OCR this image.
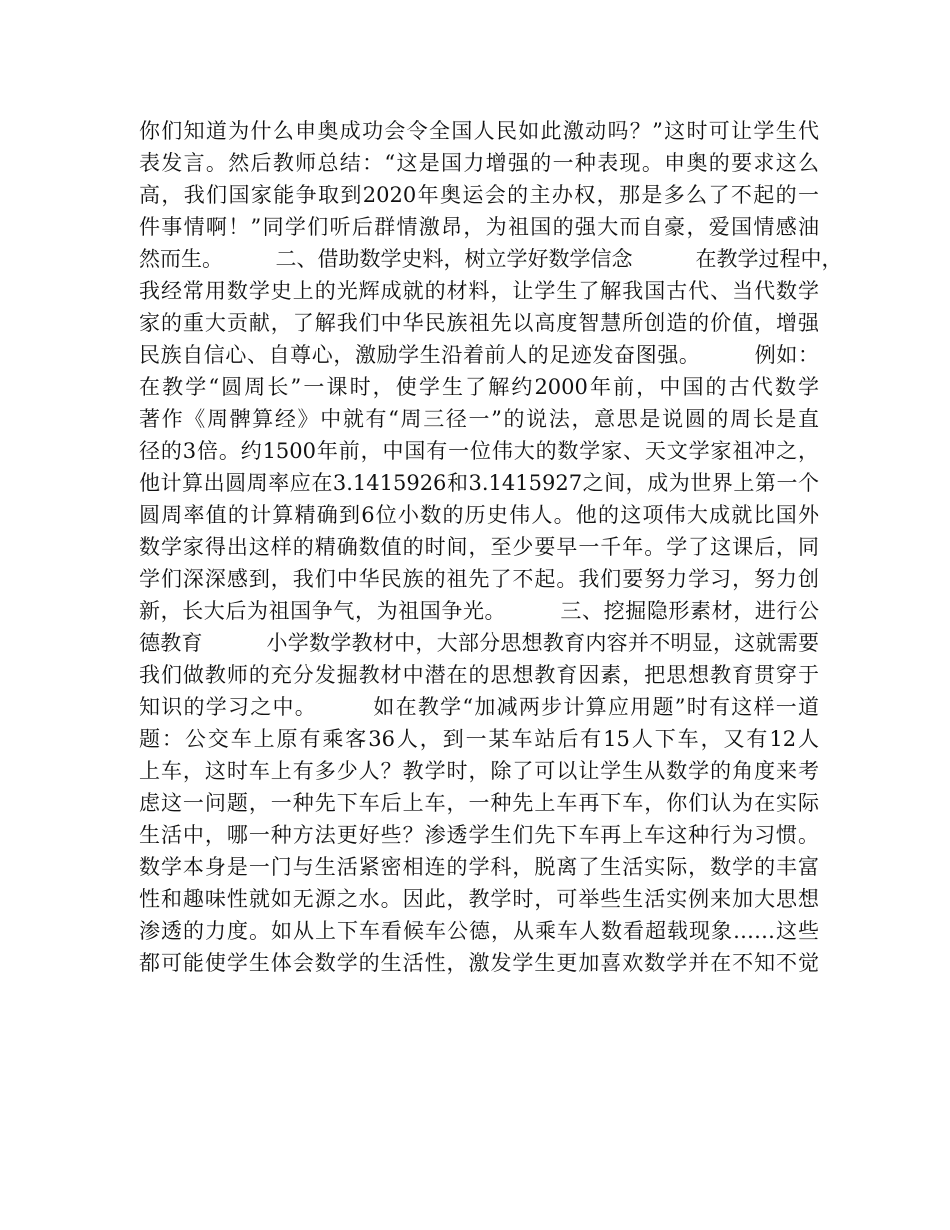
你们知道为什么申奥成功会令全国人民如此激动吗？”这时可让学生代
表发言。然后教师总结：“这是国力增强的一种表现。申奥的要求这么
高，我们国家能争取到2020年奥运会的主办权，那是多么了不起的一
件事情啊！”同学们听后群情激昂，为祖国的强大而自豪，爱国情感油
然而生。　　　二、借助数学史料，树立学好数学信念　　　在教学过程中，
我经常用数学史上的光辉成就的材料，让学生了解我国古代、当代数学
家的重大贡献，了解我们中华民族祖先以高度智慧所创造的价值，增强
民族自信心、自尊心，激励学生沿着前人的足迹发奋图强。　　　例如：
在教学“圆周长”一课时，使学生了解约2000年前，中国的古代数学
著作《周髀算经》中就有“周三径一”的说法，意思是说圆的周长是直
径的3倍。约1500年前，中国有一位伟大的数学家、天文学家祖冲之，
他计算出圆周率应在3.1415926和3.1415927之间，成为世界上第一个
圆周率值的计算精确到6位小数的历史伟人。他的这项伟大成就比国外
数学家得出这样的精确数值的时间，至少要早一千年。学了这课后，同
学们深深感到，我们中华民族的祖先了不起。我们要努力学习，努力创
新，长大后为祖国争气，为祖国争光。　　　三、挖掘隐形素材，进行公
德教育　　　小学数学教材中，大部分思想教育内容并不明显，这就需要
我们做教师的充分发掘教材中潜在的思想教育因素，把思想教育贯穿于
知识的学习之中。　　　如在教学“加减两步计算应用题”时有这样一道
题：公交车上原有乘客36人，到一某车站后有15人下车，又有12人
上车，这时车上有多少人？教学时，除了可以让学生从数学的角度来考
虑这一问题，一种先下车后上车，一种先上车再下车，你们认为在实际
生活中，哪一种方法更好些？渗透学生们先下车再上车这种行为习惯。
数学本身是一门与生活紧密相连的学科，脱离了生活实际，数学的丰富
性和趣味性就如无源之水。因此，教学时，可举些生活实例来加大思想
渗透的力度。如从上下车看候车公德，从乘车人数看超载现象……这些
都可能使学生体会数学的生活性，激发学生更加喜欢数学并在不知不觉
